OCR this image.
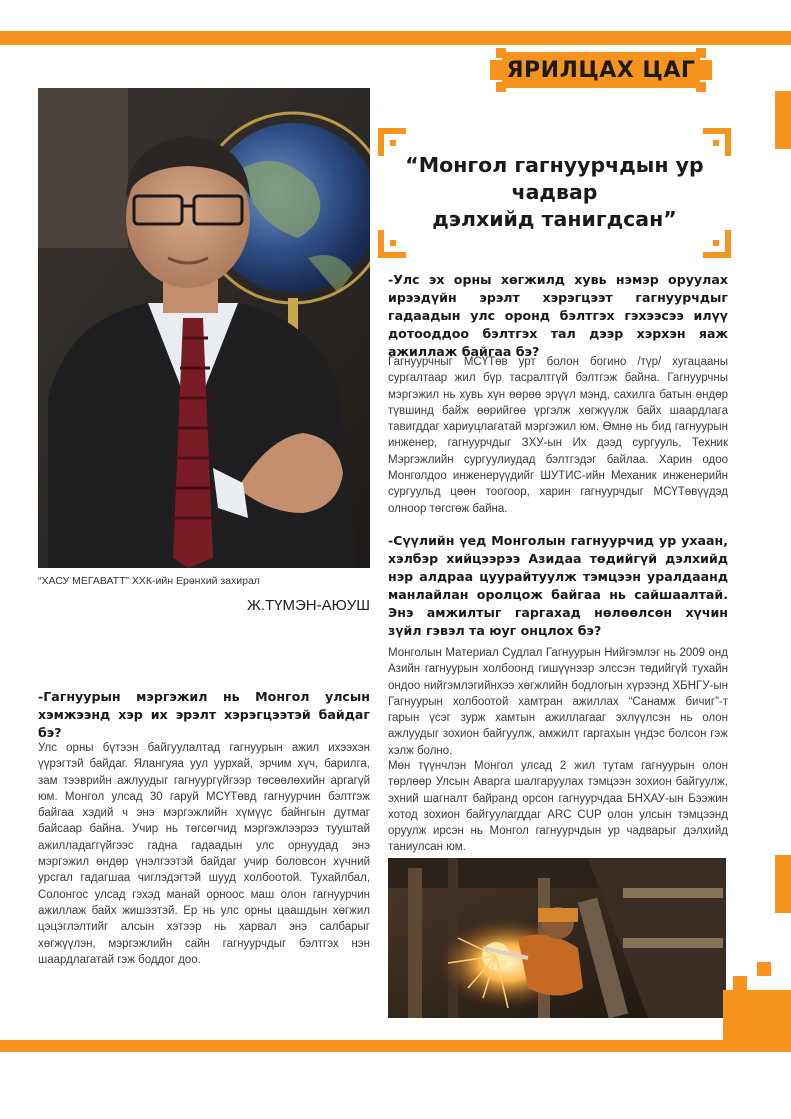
ЯРИЛЦАХ ЦАГ
“ХАСУ МЕГАВАТТ” ХХК-ийн Ерөнхий захирал
Ж.ТҮМЭН-АЮУШ
“Монгол гагнуурчдын ур
чадвар
дэлхийд танигдсан”
-Улс эх орны хөгжилд хувь нэмэр оруулах ирээдүйн эрэлт хэрэгцээт гагнуурчдыг гадаадын улс оронд бэлтгэх гэхээсээ илүү дотооддоо бэлтгэх тал дээр хэрхэн яаж ажиллаж байгаа бэ?
Гагнуурчныг МСҮТөв урт болон богино /түр/ хугацааны сургалтаар жил бүр тасралтгүй бэлтгэж байна. Гагнуурчны мэргэжил нь хувь хүн өөрөө эрүүл мэнд, сахилга батын өндөр түвшинд байж өөрийгөө үргэлж хөгжүүлж байх шаардлага тавигддаг хариуцлагатай мэргэжил юм. Өмнө нь бид гагнуурын инженер, гагнуурчдыг ЗХУ-ын Их дээд сургууль, Техник Мэргэжлийн сургуулиудад бэлтгэдэг байлаа. Харин одоо Монголдоо инженерүүдийг ШУТИС-ийн Механик инженерийн сургуульд цөөн тоогоор, харин гагнуурчдыг МСҮТөвүүдэд олноор төгсгөж байна.
-Сүүлийн үед Монголын гагнуурчид ур ухаан, хэлбэр хийцээрээ Азидаа төдийгүй дэлхийд нэр алдраа цуурайтуулж тэмцээн уралдаанд манлайлан оролцож байгаа нь сайшаалтай. Энэ амжилтыг гаргахад нөлөөлсөн хүчин зүйл гэвэл та юуг онцлох бэ?
Монголын Материал Судлал Гагнуурын Нийгэмлэг нь 2009 онд Азийн гагнуурын холбоонд гишүүнээр элссэн төдийгүй тухайн ондоо нийгэмлэгийнхээ хөгжлийн бодлогын хүрээнд ХБНГУ-ын Гагнуурын холбоотой хамтран ажиллах “Санамж бичиг”-т гарын үсэг зурж хамтын ажиллагааг эхлүүлсэн нь олон ажлуудыг зохион байгуулж, амжилт гаргахын үндэс болсон гэж хэлж болно.
Мөн түүнчлэн Монгол улсад 2 жил тутам гагнуурын олон төрлөөр Улсын Аварга шалгаруулах тэмцээн зохион байгуулж, эхний шагналт байранд орсон гагнуурчдаа БНХАУ-ын Бээжин хотод зохион байгуулагддаг ARC CUP олон улсын тэмцээнд оруулж ирсэн нь Монгол гагнуурчдын ур чадварыг дэлхийд таниулсан юм.
-Гагнуурын мэргэжил нь Монгол улсын хэмжээнд хэр их эрэлт хэрэгцээтэй байдаг бэ?
Улс орны бүтээн байгуулалтад гагнуурын ажил ихээхэн үүрэгтэй байдаг. Ялангуяа уул уурхай, эрчим хүч, барилга, зам тээврийн ажлуудыг гагнуургүйгээр төсөөлөхийн аргагүй юм. Монгол улсад 30 гаруй МСҮТөвд гагнуурчин бэлтгэж байгаа хэдий ч энэ мэргэжлийн хүмүүс байнгын дутмаг байсаар байна. Учир нь төгсөгчид мэргэжлээрээ тууштай ажилладаггүйгээс гадна гадаадын улс орнуудад энэ мэргэжил өндөр үнэлгээтэй байдаг учир боловсон хүчний урсгал гадагшаа чиглэдэгтэй шууд холбоотой. Тухайлбал, Солонгос улсад гэхэд манай орноос маш олон гагнуурчин ажиллаж байх жишээтэй. Ер нь улс орны цаашдын хөгжил цэцэглэлтийг алсын хэтээр нь харвал энэ салбарыг хөгжүүлэн, мэргэжлийн сайн гагнуурчдыг бэлтгэх нэн шаардлагатай гэж боддог доо.
